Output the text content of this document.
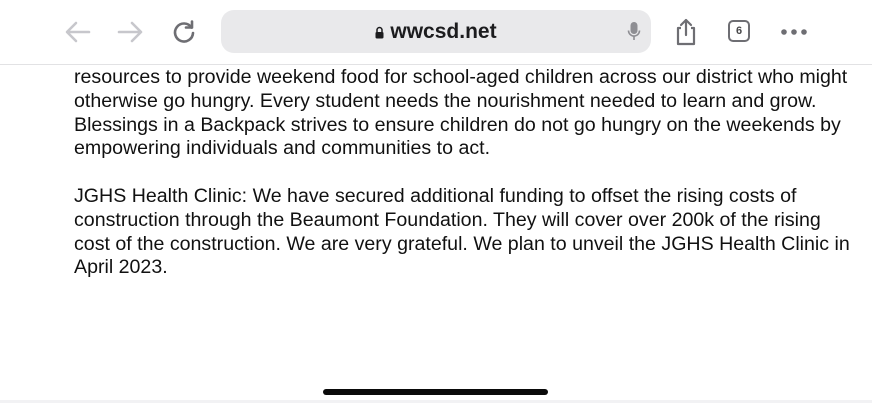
wwcsd.net	6

resources to provide weekend food for school-aged children across our district who might otherwise go hungry. Every student needs the nourishment needed to learn and grow. Blessings in a Backpack strives to ensure children do not go hungry on the weekends by empowering individuals and communities to act.

JGHS Health Clinic: We have secured additional funding to offset the rising costs of construction through the Beaumont Foundation. They will cover over 200k of the rising cost of the construction. We are very grateful. We plan to unveil the JGHS Health Clinic in April 2023.
